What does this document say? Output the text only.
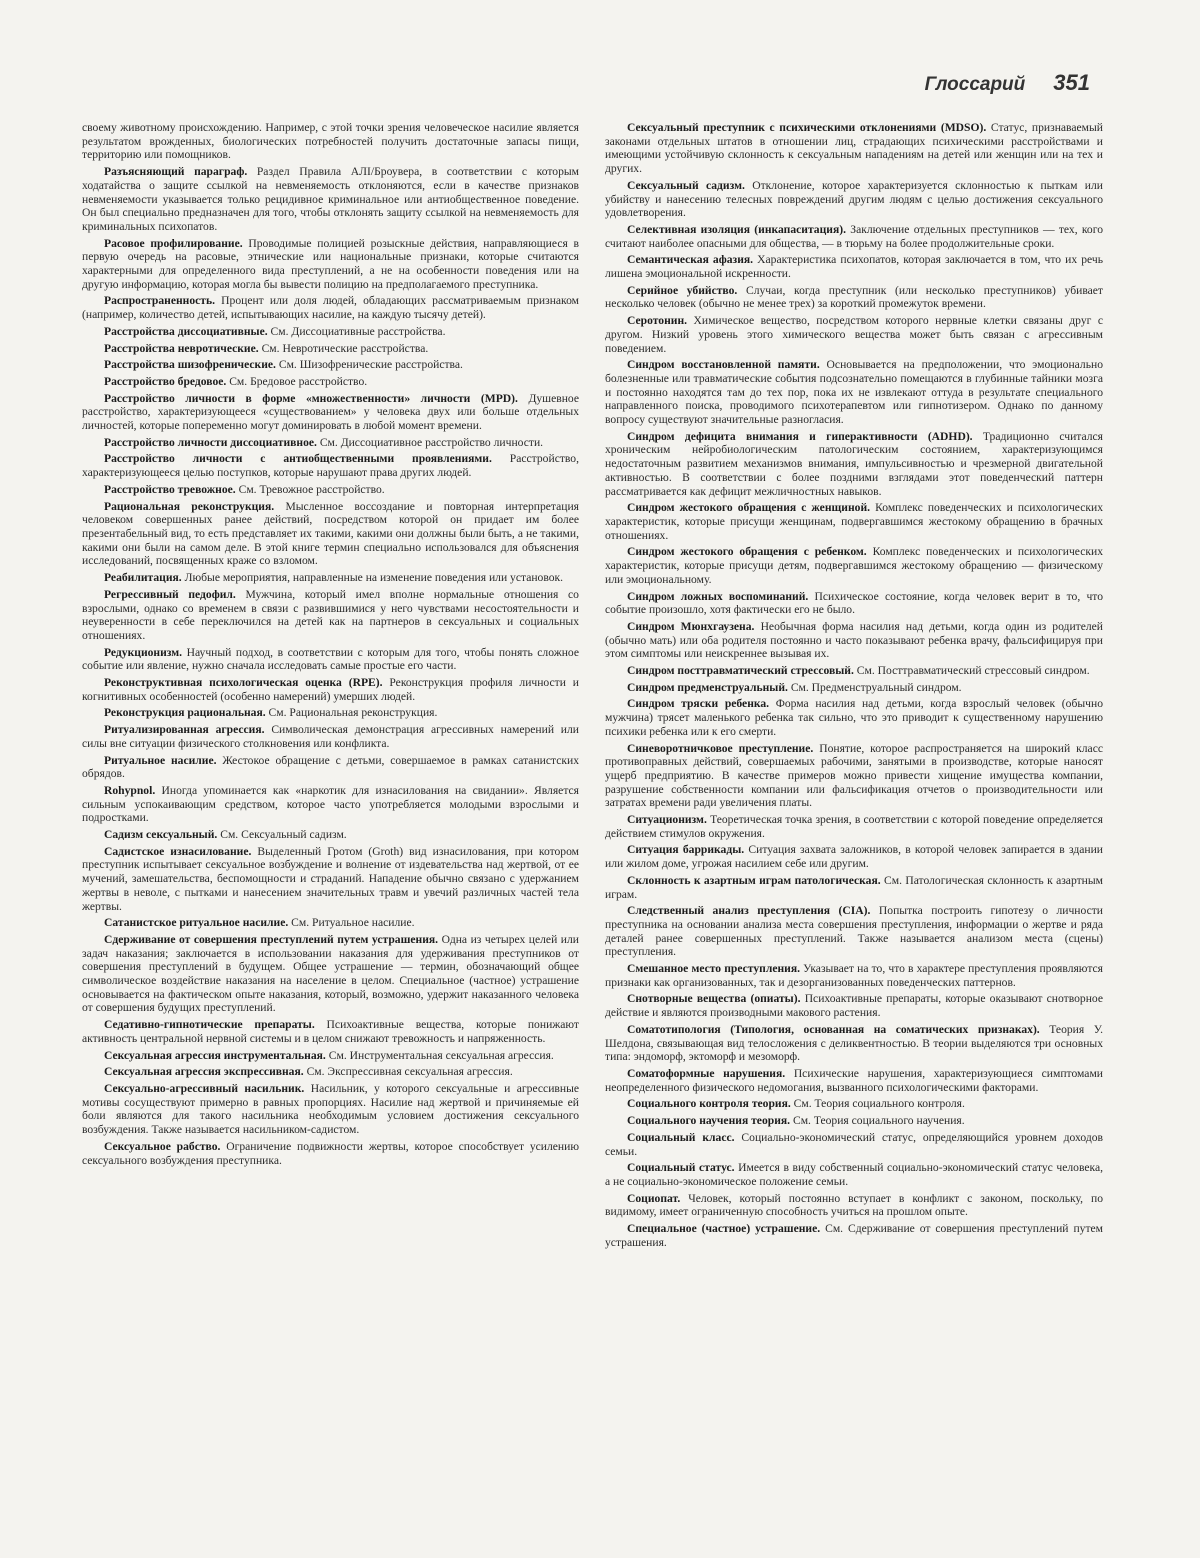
Глоссарий 351

своему животному происхождению. Например, с этой точки зрения человеческое насилие является результатом врожденных, биологических потребностей получить достаточные запасы пищи, территорию или помощников.

Разъясняющий параграф. Раздел Правила АЛІ/Броувера, в соответствии с которым ходатайства о защите ссылкой на невменяемость отклоняются, если в качестве признаков невменяемости указывается только рецидивное криминальное или антиобщественное поведение. Он был специально предназначен для того, чтобы отклонять защиту ссылкой на невменяемость для криминальных психопатов.

Расовое профилирование. Проводимые полицией розыскные действия, направляющиеся в первую очередь на расовые, этнические или национальные признаки, которые считаются характерными для определенного вида преступлений, а не на особенности поведения или на другую информацию, которая могла бы вывести полицию на предполагаемого преступника.

Распространенность. Процент или доля людей, обладающих рассматриваемым признаком (например, количество детей, испытывающих насилие, на каждую тысячу детей).

Расстройства диссоциативные. См. Диссоциативные расстройства.

Расстройства невротические. См. Невротические расстройства.

Расстройства шизофренические. См. Шизофренические расстройства.

Расстройство бредовое. См. Бредовое расстройство.

Расстройство личности в форме «множественности» личности (MPD). Душевное расстройство, характеризующееся «существованием» у человека двух или больше отдельных личностей, которые попеременно могут доминировать в любой момент времени.

Расстройство личности диссоциативное. См. Диссоциативное расстройство личности.

Расстройство личности с антиобщественными проявлениями. Расстройство, характеризующееся целью поступков, которые нарушают права других людей.

Расстройство тревожное. См. Тревожное расстройство.

Рациональная реконструкция. Мысленное воссоздание и повторная интерпретация человеком совершенных ранее действий, посредством которой он придает им более презентабельный вид, то есть представляет их такими, какими они должны были быть, а не такими, какими они были на самом деле. В этой книге термин специально использовался для объяснения исследований, посвященных краже со взломом.

Реабилитация. Любые мероприятия, направленные на изменение поведения или установок.

Регрессивный педофил. Мужчина, который имел вполне нормальные отношения со взрослыми, однако со временем в связи с развившимися у него чувствами несостоятельности и неуверенности в себе переключился на детей как на партнеров в сексуальных и социальных отношениях.

Редукционизм. Научный подход, в соответствии с которым для того, чтобы понять сложное событие или явление, нужно сначала исследовать самые простые его части.

Реконструктивная психологическая оценка (RPE). Реконструкция профиля личности и когнитивных особенностей (особенно намерений) умерших людей.

Реконструкция рациональная. См. Рациональная реконструкция.

Ритуализированная агрессия. Символическая демонстрация агрессивных намерений или силы вне ситуации физического столкновения или конфликта.

Ритуальное насилие. Жестокое обращение с детьми, совершаемое в рамках сатанистских обрядов.

Rohypnol. Иногда упоминается как «наркотик для изнасилования на свидании». Является сильным успокаивающим средством, которое часто употребляется молодыми взрослыми и подростками.

Садизм сексуальный. См. Сексуальный садизм.

Садистское изнасилование. Выделенный Гротом (Groth) вид изнасилования, при котором преступник испытывает сексуальное возбуждение и волнение от издевательства над жертвой, от ее мучений, замешательства, беспомощности и страданий. Нападение обычно связано с удержанием жертвы в неволе, с пытками и нанесением значительных травм и увечий различных частей тела жертвы.

Сатанистское ритуальное насилие. См. Ритуальное насилие.

Сдерживание от совершения преступлений путем устрашения. Одна из четырех целей или задач наказания; заключается в использовании наказания для удерживания преступников от совершения преступлений в будущем. Общее устрашение — термин, обозначающий общее символическое воздействие наказания на население в целом. Специальное (частное) устрашение основывается на фактическом опыте наказания, который, возможно, удержит наказанного человека от совершения будущих преступлений.

Седативно-гипнотические препараты. Психоактивные вещества, которые понижают активность центральной нервной системы и в целом снижают тревожность и напряженность.

Сексуальная агрессия инструментальная. См. Инструментальная сексуальная агрессия.

Сексуальная агрессия экспрессивная. См. Экспрессивная сексуальная агрессия.

Сексуально-агрессивный насильник. Насильник, у которого сексуальные и агрессивные мотивы сосуществуют примерно в равных пропорциях. Насилие над жертвой и причиняемые ей боли являются для такого насильника необходимым условием достижения сексуального возбуждения. Также называется насильником-садистом.

Сексуальное рабство. Ограничение подвижности жертвы, которое способствует усилению сексуального возбуждения преступника.

Сексуальный преступник с психическими отклонениями (MDSO). Статус, признаваемый законами отдельных штатов в отношении лиц, страдающих психическими расстройствами и имеющими устойчивую склонность к сексуальным нападениям на детей или женщин или на тех и других.

Сексуальный садизм. Отклонение, которое характеризуется склонностью к пыткам или убийству и нанесению телесных повреждений другим людям с целью достижения сексуального удовлетворения.

Селективная изоляция (инкапаситация). Заключение отдельных преступников — тех, кого считают наиболее опасными для общества, — в тюрьму на более продолжительные сроки.

Семантическая афазия. Характеристика психопатов, которая заключается в том, что их речь лишена эмоциональной искренности.

Серийное убийство. Случаи, когда преступник (или несколько преступников) убивает несколько человек (обычно не менее трех) за короткий промежуток времени.

Серотонин. Химическое вещество, посредством которого нервные клетки связаны друг с другом. Низкий уровень этого химического вещества может быть связан с агрессивным поведением.

Синдром восстановленной памяти. Основывается на предположении, что эмоционально болезненные или травматические события подсознательно помещаются в глубинные тайники мозга и постоянно находятся там до тех пор, пока их не извлекают оттуда в результате специального направленного поиска, проводимого психотерапевтом или гипнотизером. Однако по данному вопросу существуют значительные разногласия.

Синдром дефицита внимания и гиперактивности (ADHD). Традиционно считался хроническим нейробиологическим патологическим состоянием, характеризующимся недостаточным развитием механизмов внимания, импульсивностью и чрезмерной двигательной активностью. В соответствии с более поздними взглядами этот поведенческий паттерн рассматривается как дефицит межличностных навыков.

Синдром жестокого обращения с женщиной. Комплекс поведенческих и психологических характеристик, которые присущи женщинам, подвергавшимся жестокому обращению в брачных отношениях.

Синдром жестокого обращения с ребенком. Комплекс поведенческих и психологических характеристик, которые присущи детям, подвергавшимся жестокому обращению — физическому или эмоциональному.

Синдром ложных воспоминаний. Психическое состояние, когда человек верит в то, что событие произошло, хотя фактически его не было.

Синдром Мюнхгаузена. Необычная форма насилия над детьми, когда один из родителей (обычно мать) или оба родителя постоянно и часто показывают ребенка врачу, фальсифицируя при этом симптомы или неискреннее вызывая их.

Синдром посттравматический стрессовый. См. Посттравматический стрессовый синдром.

Синдром предменструальный. См. Предменструальный синдром.

Синдром тряски ребенка. Форма насилия над детьми, когда взрослый человек (обычно мужчина) трясет маленького ребенка так сильно, что это приводит к существенному нарушению психики ребенка или к его смерти.

Синеворотничковое преступление. Понятие, которое распространяется на широкий класс противоправных действий, совершаемых рабочими, занятыми в производстве, которые наносят ущерб предприятию. В качестве примеров можно привести хищение имущества компании, разрушение собственности компании или фальсификация отчетов о производительности или затратах времени ради увеличения платы.

Ситуационизм. Теоретическая точка зрения, в соответствии с которой поведение определяется действием стимулов окружения.

Ситуация баррикады. Ситуация захвата заложников, в которой человек запирается в здании или жилом доме, угрожая насилием себе или другим.

Склонность к азартным играм патологическая. См. Патологическая склонность к азартным играм.

Следственный анализ преступления (CIA). Попытка построить гипотезу о личности преступника на основании анализа места совершения преступления, информации о жертве и ряда деталей ранее совершенных преступлений. Также называется анализом места (сцены) преступления.

Смешанное место преступления. Указывает на то, что в характере преступления проявляются признаки как организованных, так и дезорганизованных поведенческих паттернов.

Снотворные вещества (опиаты). Психоактивные препараты, которые оказывают снотворное действие и являются производными макового растения.

Соматотипология (Типология, основанная на соматических признаках). Теория У. Шелдона, связывающая вид телосложения с деликвентностью. В теории выделяются три основных типа: эндоморф, эктоморф и мезоморф.

Соматоформные нарушения. Психические нарушения, характеризующиеся симптомами неопределенного физического недомогания, вызванного психологическими факторами.

Социального контроля теория. См. Теория социального контроля.

Социального научения теория. См. Теория социального научения.

Социальный класс. Социально-экономический статус, определяющийся уровнем доходов семьи.

Социальный статус. Имеется в виду собственный социально-экономический статус человека, а не социально-экономическое положение семьи.

Социопат. Человек, который постоянно вступает в конфликт с законом, поскольку, по видимому, имеет ограниченную способность учиться на прошлом опыте.

Специальное (частное) устрашение. См. Сдерживание от совершения преступлений путем устрашения.
